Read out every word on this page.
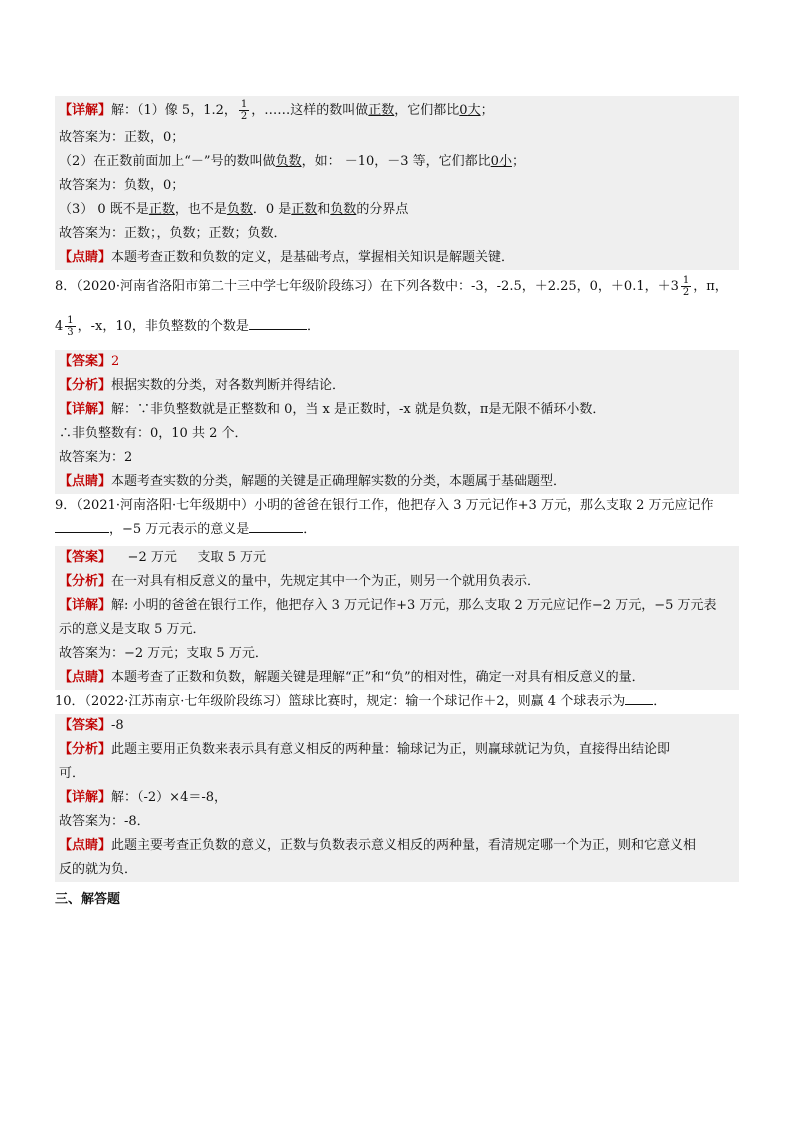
【详解】解：（1）像 5，1.2， $\frac{1}{2}$ ，……这样的数叫做正数，它们都比0大；
故答案为：正数，0；
（2）在正数前面加上“－”号的数叫做负数，如： －10，－3 等，它们都比0小；
故答案为：负数，0；
（3） 0 既不是正数，也不是负数．0 是正数和负数的分界点
故答案为：正数；，负数；正数；负数．
【点睛】本题考查正数和负数的定义，是基础考点，掌握相关知识是解题关键．
8．（2020·河南省洛阳市第二十三中学七年级阶段练习）在下列各数中：-3，-2.5，＋2.25，0，＋0.1，$+3 \frac{1}{2}$ ，π，
$4 \frac{1}{3}$ ，-x，10，非负整数的个数是	．
【答案】2
【分析】根据实数的分类，对各数判断并得结论．
【详解】解：∵非负整数就是正整数和 0，当 x 是正数时，-x 就是负数，π是无限不循环小数．
∴非负整数有：0，10 共 2 个．
故答案为：2
【点睛】本题考查实数的分类，解题的关键是正确理解实数的分类，本题属于基础题型．
9．（2021·河南洛阳·七年级期中）小明的爸爸在银行工作，他把存入 3 万元记作+3 万元，那么支取 2 万元应记作
，−5 万元表示的意义是	．
【答案】    −2 万元     支取 5 万元
【分析】在一对具有相反意义的量中，先规定其中一个为正，则另一个就用负表示．
【详解】解: 小明的爸爸在银行工作，他把存入 3 万元记作+3 万元，那么支取 2 万元应记作−2 万元，−5 万元表
示的意义是支取 5 万元．
故答案为：−2 万元；支取 5 万元．
【点睛】本题考查了正数和负数，解题关键是理解“正”和“负”的相对性，确定一对具有相反意义的量．
10．（2022·江苏南京·七年级阶段练习）篮球比赛时，规定：输一个球记作＋2，则赢 4 个球表示为 ．
【答案】-8
【分析】此题主要用正负数来表示具有意义相反的两种量：输球记为正，则赢球就记为负，直接得出结论即
可．
【详解】解：（-2）×4＝-8，
故答案为：-8．
【点睛】此题主要考查正负数的意义，正数与负数表示意义相反的两种量，看清规定哪一个为正，则和它意义相
反的就为负．
三、解答题
